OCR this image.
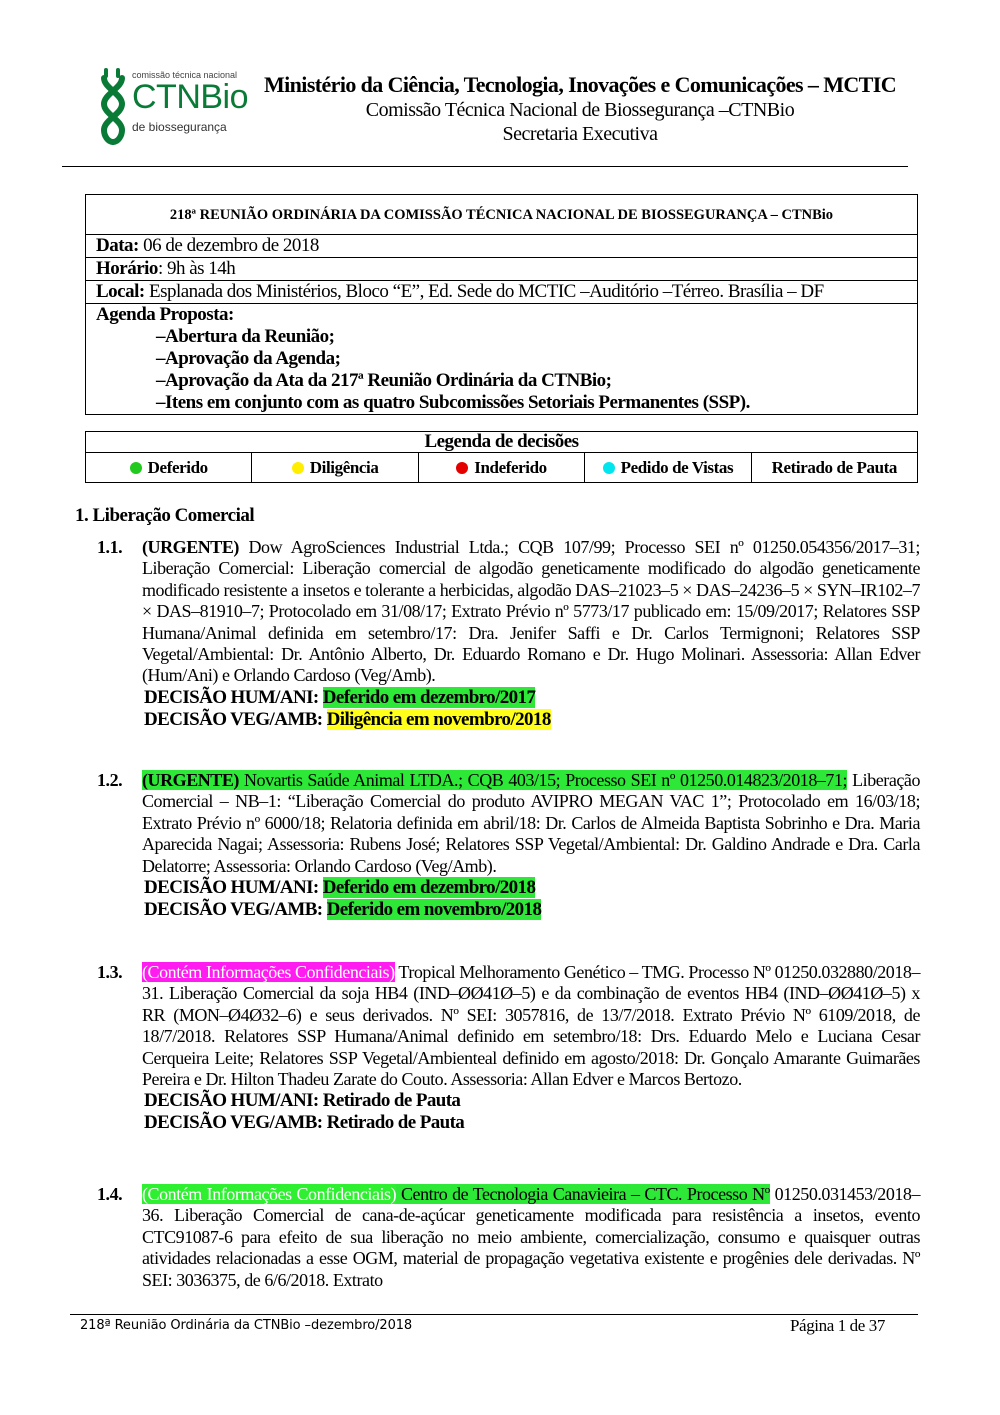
comissão técnica nacional
CTNBio
de biossegurança
Ministério da Ciência, Tecnologia, Inovações e Comunicações – MCTIC
Comissão Técnica Nacional de Biossegurança –CTNBio
Secretaria Executiva
218ª REUNIÃO ORDINÁRIA DA COMISSÃO TÉCNICA NACIONAL DE BIOSSEGURANÇA – CTNBio
Data: 06 de dezembro de 2018
Horário: 9h às 14h
Local: Esplanada dos Ministérios, Bloco “E”, Ed. Sede do MCTIC –Auditório –Térreo. Brasília – DF
Agenda Proposta:
–Abertura da Reunião;
–Aprovação da Agenda;
–Aprovação da Ata da 217ª Reunião Ordinária da CTNBio;
–Itens em conjunto com as quatro Subcomissões Setoriais Permanentes (SSP).
Legenda de decisões
Deferido	Diligência	Indeferido	Pedido de Vistas	Retirado de Pauta
1. Liberação Comercial
1.1. (URGENTE) Dow AgroSciences Industrial Ltda.; CQB 107/99; Processo SEI nº 01250.054356/2017–31; Liberação Comercial: Liberação comercial de algodão geneticamente modificado do algodão geneticamente modificado resistente a insetos e tolerante a herbicidas, algodão DAS–21023–5 × DAS–24236–5 × SYN–IR102–7 × DAS–81910–7; Protocolado em 31/08/17; Extrato Prévio nº 5773/17 publicado em: 15/09/2017; Relatores SSP Humana/Animal definida em setembro/17: Dra. Jenifer Saffi e Dr. Carlos Termignoni; Relatores SSP Vegetal/Ambiental: Dr. Antônio Alberto, Dr. Eduardo Romano e Dr. Hugo Molinari. Assessoria: Allan Edver (Hum/Ani) e Orlando Cardoso (Veg/Amb).
DECISÃO HUM/ANI: Deferido em dezembro/2017
DECISÃO VEG/AMB: Diligência em novembro/2018
1.2. (URGENTE) Novartis Saúde Animal LTDA.; CQB 403/15; Processo SEI nº 01250.014823/2018–71; Liberação Comercial – NB–1: “Liberação Comercial do produto AVIPRO MEGAN VAC 1”; Protocolado em 16/03/18; Extrato Prévio nº 6000/18; Relatoria definida em abril/18: Dr. Carlos de Almeida Baptista Sobrinho e Dra. Maria Aparecida Nagai; Assessoria: Rubens José; Relatores SSP Vegetal/Ambiental: Dr. Galdino Andrade e Dra. Carla Delatorre; Assessoria: Orlando Cardoso (Veg/Amb).
DECISÃO HUM/ANI: Deferido em dezembro/2018
DECISÃO VEG/AMB: Deferido em novembro/2018
1.3. (Contém Informações Confidenciais) Tropical Melhoramento Genético – TMG. Processo Nº 01250.032880/2018–31. Liberação Comercial da soja HB4 (IND–ØØ41Ø–5) e da combinação de eventos HB4 (IND–ØØ41Ø–5) x RR (MON–Ø4Ø32–6) e seus derivados. Nº SEI: 3057816, de 13/7/2018. Extrato Prévio Nº 6109/2018, de 18/7/2018. Relatores SSP Humana/Animal definido em setembro/18: Drs. Eduardo Melo e Luciana Cesar Cerqueira Leite; Relatores SSP Vegetal/Ambienteal definido em agosto/2018: Dr. Gonçalo Amarante Guimarães Pereira e Dr. Hilton Thadeu Zarate do Couto. Assessoria: Allan Edver e Marcos Bertozo.
DECISÃO HUM/ANI: Retirado de Pauta
DECISÃO VEG/AMB: Retirado de Pauta
1.4. (Contém Informações Confidenciais) Centro de Tecnologia Canavieira – CTC. Processo Nº 01250.031453/2018–36. Liberação Comercial de cana-de-açúcar geneticamente modificada para resistência a insetos, evento CTC91087-6 para efeito de sua liberação no meio ambiente, comercialização, consumo e quaisquer outras atividades relacionadas a esse OGM, material de propagação vegetativa existente e progênies dele derivadas. Nº SEI: 3036375, de 6/6/2018. Extrato
218ª Reunião Ordinária da CTNBio –dezembro/2018	Página 1 de 37
